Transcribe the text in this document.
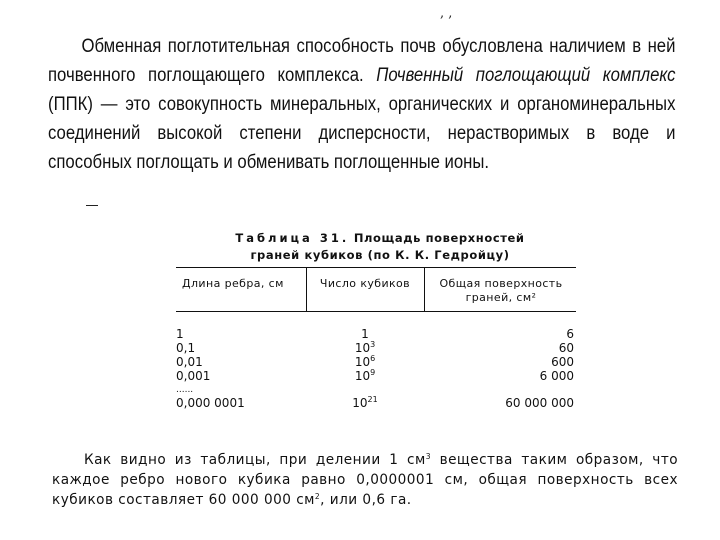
, ,

Обменная поглотительная способность почв обусловлена наличием в ней почвенного поглощающего комплекса. Почвенный поглощающий комплекс (ППК) — это совокупность минеральных, органических и органоминеральных соединений высокой степени дисперсности, нерастворимых в воде и способных поглощать и обменивать поглощенные ионы.

Таблица 31. Площадь поверхностей
граней кубиков (по К. К. Гедройцу)
Длина ребра, см	Число кубиков	Общая поверхность граней, см²
1	1	6
0,1	$10^3$	60
0,01	$10^6$	600
0,001	$10^9$	6 000
......
0,000 0001	$10^{21}$	60 000 000

Как видно из таблицы, при делении 1 $см^3$ вещества таким образом, что каждое ребро нового кубика равно 0,0000001 см, общая поверхность всех кубиков составляет 60 000 000 $см^2$, или 0,6 га.
